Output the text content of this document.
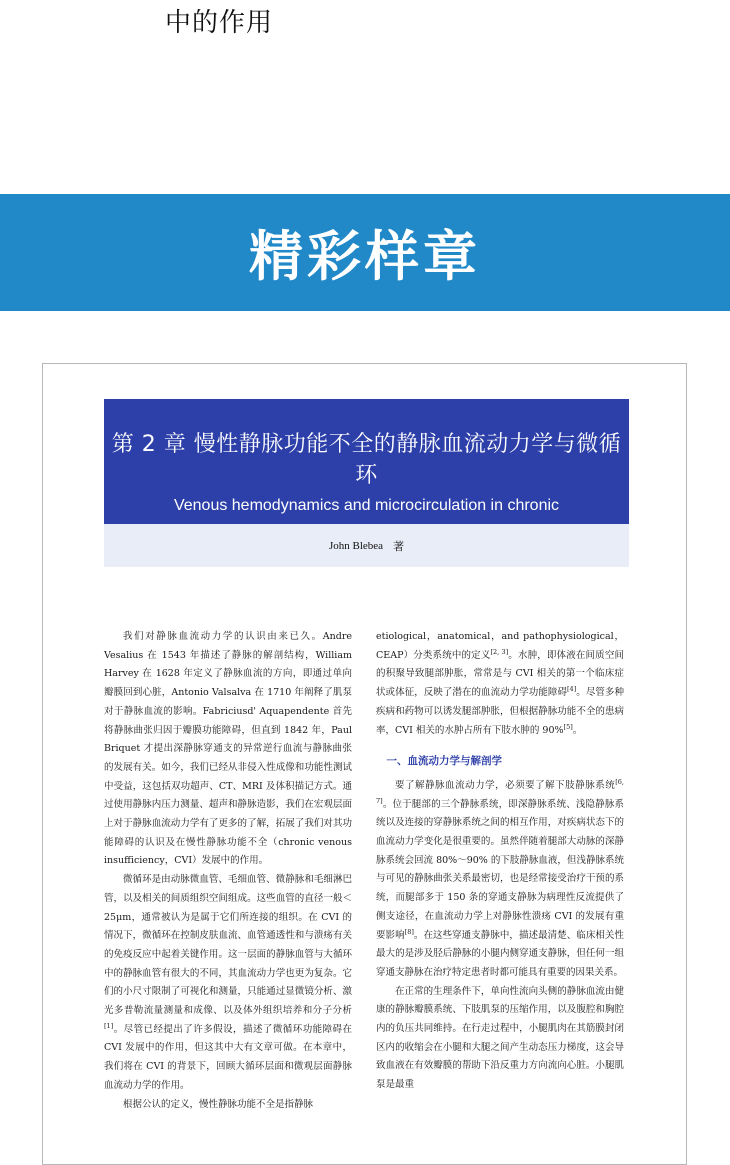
中的作用
精彩样章
第 2 章 慢性静脉功能不全的静脉血流动力学与微循环
Venous hemodynamics and microcirculation in chronic
John Blebea 著

我们对静脉血流动力学的认识由来已久。Andre Vesalius 在 1543 年描述了静脉的解剖结构，William Harvey 在 1628 年定义了静脉血流的方向，即通过单向瓣膜回到心脏，Antonio Valsalva 在 1710 年阐释了肌泵对于静脉血流的影响。Fabriciusd' Aquapendente 首先将静脉曲张归因于瓣膜功能障碍，但直到 1842 年，Paul Briquet 才提出深静脉穿通支的异常逆行血流与静脉曲张的发展有关。如今，我们已经从非侵入性成像和功能性测试中受益，这包括双功超声、CT、MRI 及体积描记方式。通过使用静脉内压力测量、超声和静脉造影，我们在宏观层面上对于静脉血流动力学有了更多的了解，拓展了我们对其功能障碍的认识及在慢性静脉功能不全（chronic venous insufficiency，CVI）发展中的作用。

微循环是由动脉微血管、毛细血管、微静脉和毛细淋巴管，以及相关的间质组织空间组成。这些血管的直径一般＜25μm，通常被认为是属于它们所连接的组织。在 CVI 的情况下，微循环在控制皮肤血流、血管通透性和与溃疡有关的免疫反应中起着关键作用。这一层面的静脉血管与大循环中的静脉血管有很大的不同，其血流动力学也更为复杂。它们的小尺寸限制了可视化和测量，只能通过显微镜分析、激光多普勒流量测量和成像、以及体外组织培养和分子分析[1]。尽管已经提出了许多假设，描述了微循环功能障碍在 CVI 发展中的作用，但这其中大有文章可做。在本章中，我们将在 CVI 的背景下，回顾大循环层面和微观层面静脉血流动力学的作用。

根据公认的定义，慢性静脉功能不全是指静脉

etiological，anatomical，and pathophysiological，CEAP）分类系统中的定义[2, 3]。水肿，即体液在间质空间的积聚导致腿部肿胀，常常是与 CVI 相关的第一个临床症状或体征，反映了潜在的血流动力学功能障碍[4]。尽管多种疾病和药物可以诱发腿部肿胀，但根据静脉功能不全的患病率，CVI 相关的水肿占所有下肢水肿的 90%[5]。

一、血流动力学与解剖学

要了解静脉血流动力学，必须要了解下肢静脉系统[6, 7]。位于腿部的三个静脉系统，即深静脉系统、浅隐静脉系统以及连接的穿静脉系统之间的相互作用，对疾病状态下的血流动力学变化是很重要的。虽然伴随着腿部大动脉的深静脉系统会回流 80%～90% 的下肢静脉血液，但浅静脉系统与可见的静脉曲张关系最密切，也是经常接受治疗干预的系统，而腿部多于 150 条的穿通支静脉为病理性反流提供了侧支途径，在血流动力学上对静脉性溃疡 CVI 的发展有重要影响[8]。在这些穿通支静脉中，描述最清楚、临床相关性最大的是涉及胫后静脉的小腿内侧穿通支静脉，但任何一组穿通支静脉在治疗特定患者时都可能具有重要的因果关系。

在正常的生理条件下，单向性流向头侧的静脉血流由健康的静脉瓣膜系统、下肢肌泵的压缩作用，以及腹腔和胸腔内的负压共同维持。在行走过程中，小腿肌肉在其筋膜封闭区内的收缩会在小腿和大腿之间产生动态压力梯度，这会导致血液在有效瓣膜的帮助下沿反重力方向流向心脏。小腿肌泵是最重
